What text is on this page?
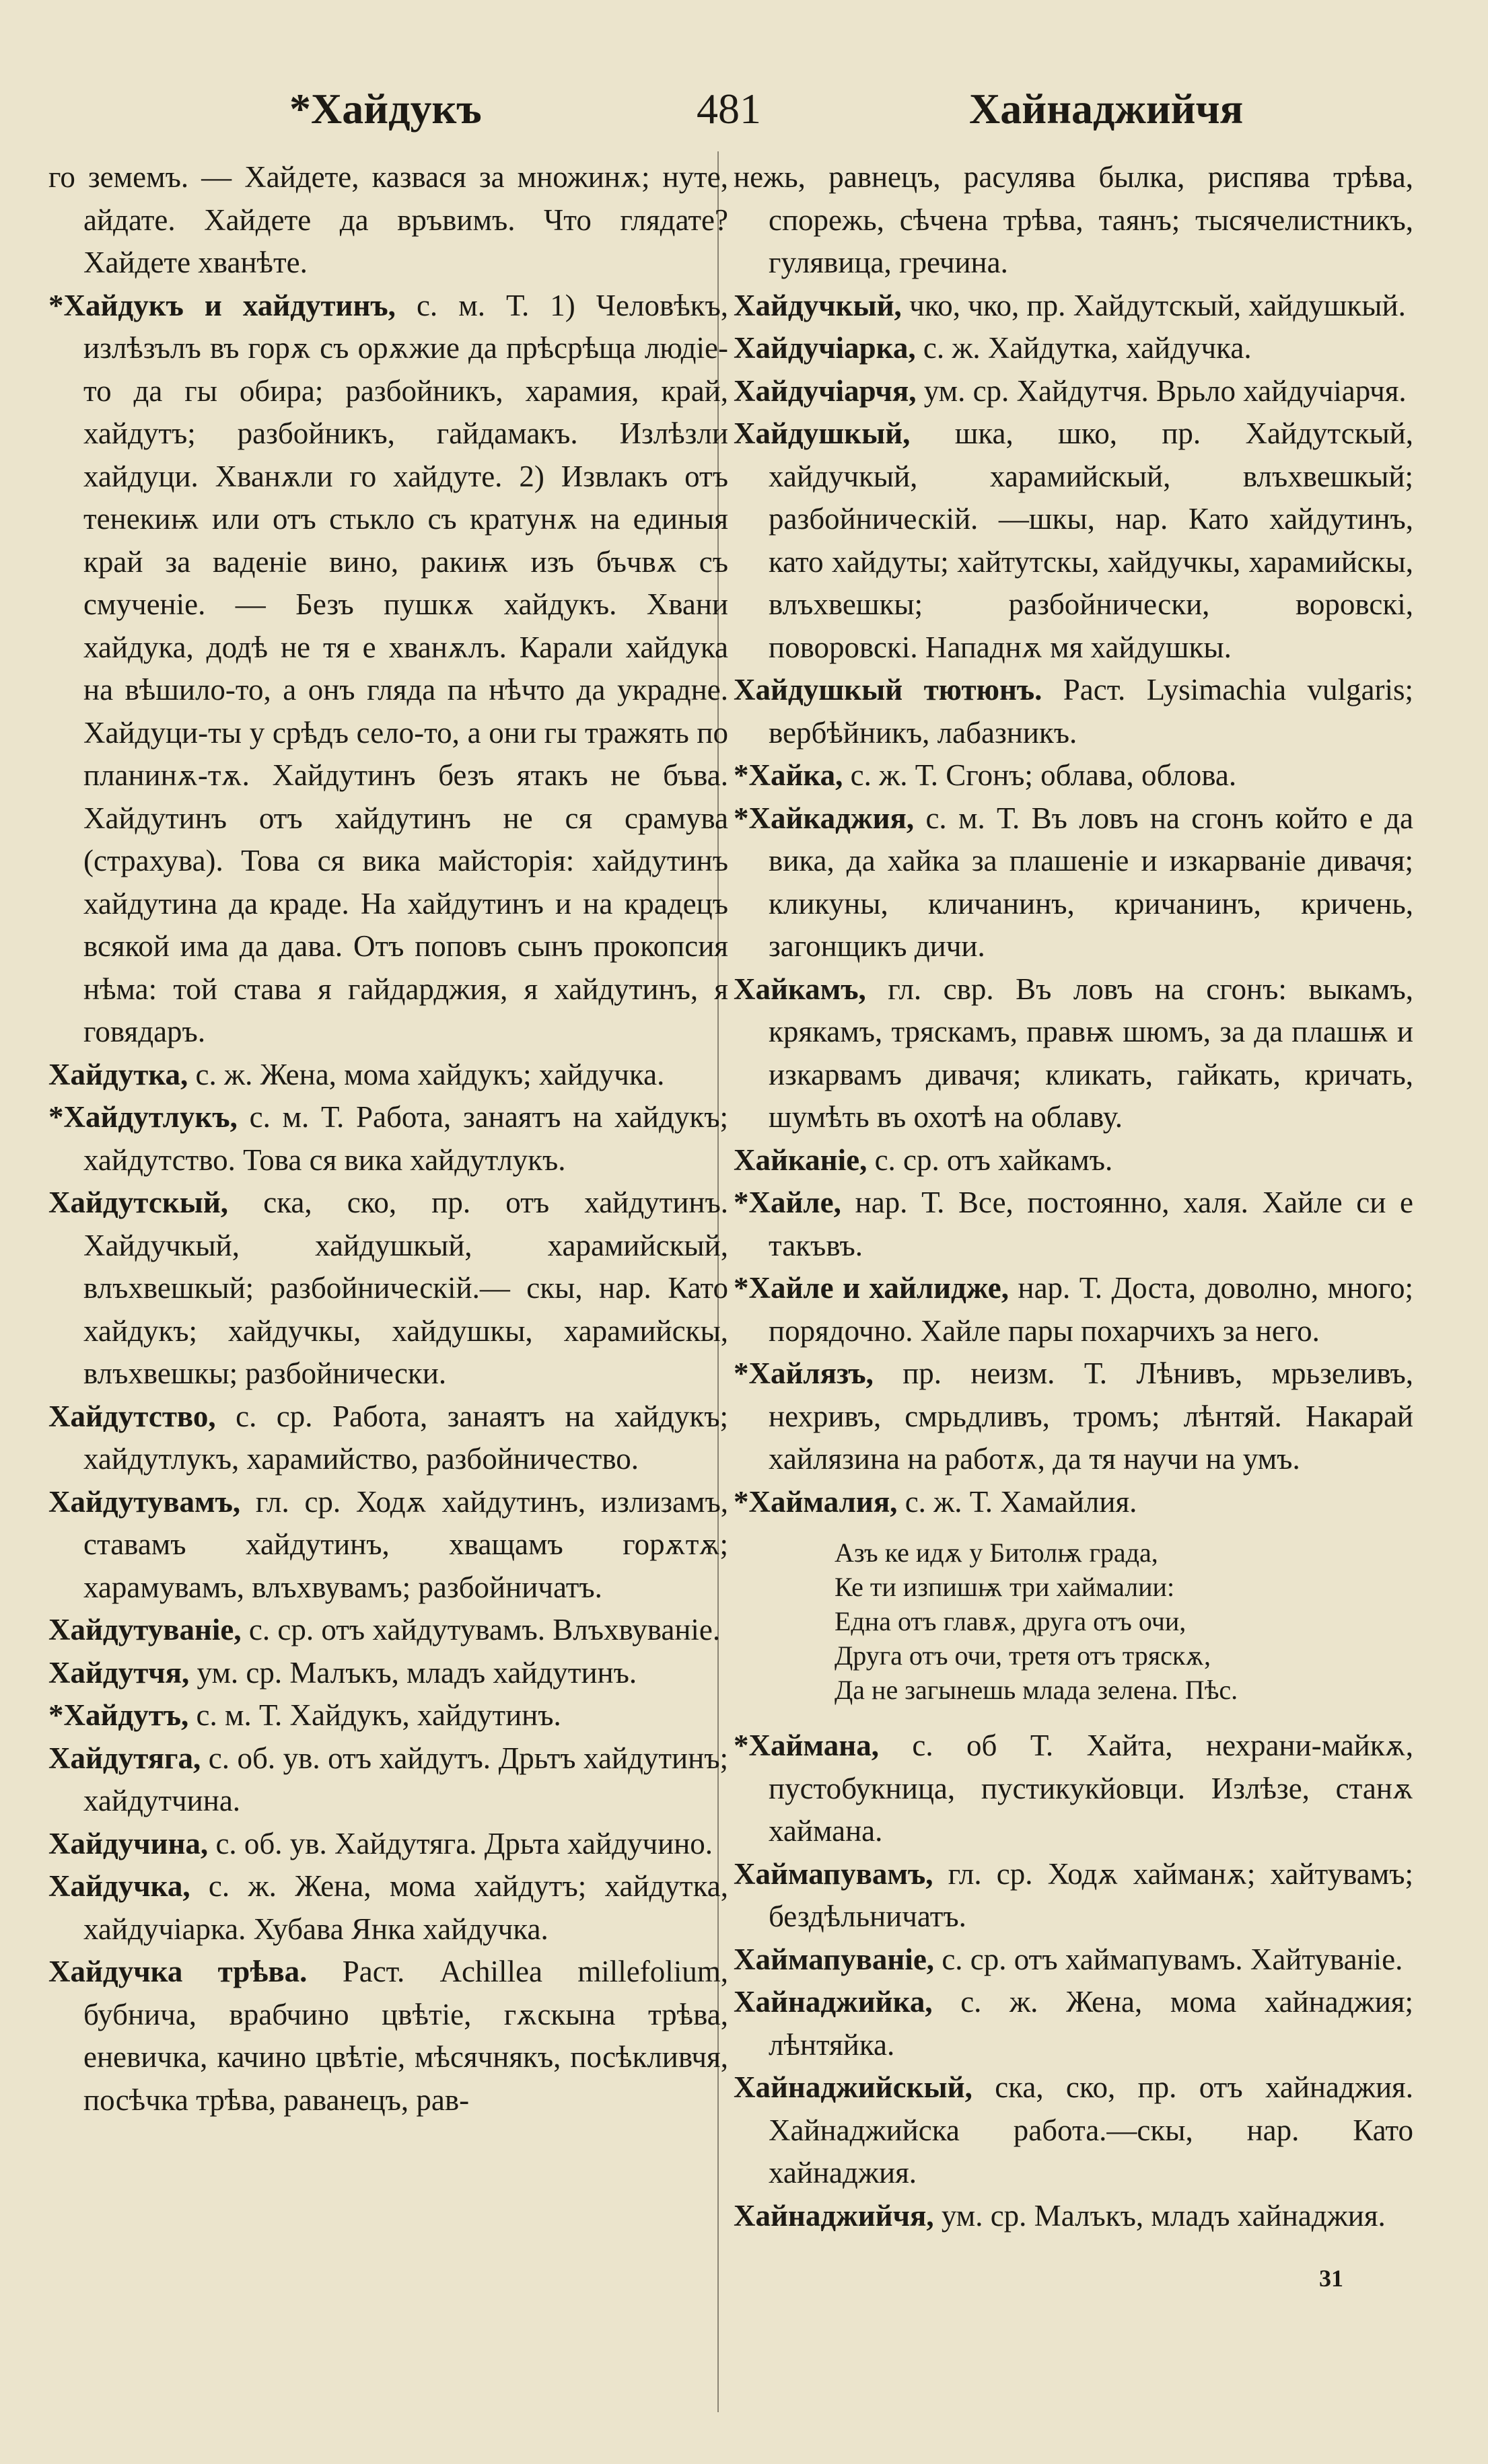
*Хайдукъ	481	Хайнаджийчя

го земемъ. — Хайдете, казвася за множинѫ; нуте, айдате. Хайдете да връвимъ. Что глядате? Хайдете хванѣте.

*Хайдукъ и хайдутинъ, с. м. Т. 1) Человѣкъ, излѣзълъ въ горѫ съ орѫжие да прѣсрѣща людie-то да гы обира; разбойникъ, харамия, край, хайдутъ; разбойникъ, гайдамакъ. Излѣзли хайдуци. Хванѫли го хайдуте. 2) Извлакъ отъ тенекиѭ или отъ стькло съ кратунѫ на единыя край за ваденiе вино, ракиѭ изъ бъчвѫ съ смученiе. — Безъ пушкѫ хайдукъ. Хвани хайдука, додѣ не тя е хванѫлъ. Карали хайдука на вѣшило-то, а онъ гляда па нѣчто да украдне. Хайдуци-ты у срѣдъ село-то, а они гы тражять по планинѫ-тѫ. Хайдутинъ безъ ятакъ не бъва. Хайдутинъ отъ хайдутинъ не ся срамува (страхува). Това ся вика майсторiя: хайдутинъ хайдутина да краде. На хайдутинъ и на крадецъ всякой има да дава. Отъ поповъ сынъ прокопсия нѣма: той става я гайдарджия, я хайдутинъ, я говядаръ.

Хайдутка, с. ж. Жена, мома хайдукъ; хайдучка.

*Хайдутлукъ, с. м. Т. Работа, занаятъ на хайдукъ; хайдутство. Това ся вика хайдутлукъ.

Хайдутскый, ска, ско, пр. отъ хайдутинъ. Хайдучкый, хайдушкый, харамийскый, влъхвешкый; разбойническiй.— скы, нар. Като хайдукъ; хайдучкы, хайдушкы, харамийскы, влъхвешкы; разбойнически.

Хайдутство, с. ср. Работа, занаятъ на хайдукъ; хайдутлукъ, харамийство, разбойничество.

Хайдутувамъ, гл. ср. Ходѫ хайдутинъ, излизамъ, ставамъ хайдутинъ, хващамъ горѫтѫ; харамувамъ, влъхвувамъ; разбойничатъ.

Хайдутуванiе, с. ср. отъ хайдутувамъ. Влъхвуванiе.

Хайдутчя, ум. ср. Малъкъ, младъ хайдутинъ.

*Хайдутъ, с. м. Т. Хайдукъ, хайдутинъ.

Хайдутяга, с. об. ув. отъ хайдутъ. Дрьтъ хайдутинъ; хайдутчина.

Хайдучина, с. об. ув. Хайдутяга. Дрьта хайдучино.

Хайдучка, с. ж. Жена, мома хайдутъ; хайдутка, хайдучiарка. Хубава Янка хайдучка.

Хайдучка трѣва. Раст. Achillea millefolium, бубнича, врабчино цвѣтie, гѫскына трѣва, еневичка, качино цвѣтie, мѣсячнякъ, посѣкливчя, посѣчка трѣва, раванецъ, рав-

нежь, равнецъ, расулява былка, риспява трѣва, спорежь, сѣчена трѣва, таянъ; тысячелистникъ, гулявица, гречина.

Хайдучкый, чко, чко, пр. Хайдутскый, хайдушкый.

Хайдучiарка, с. ж. Хайдутка, хайдучка.

Хайдучiарчя, ум. ср. Хайдутчя. Врьло хайдучiарчя.

Хайдушкый, шка, шко, пр. Хайдутскый, хайдучкый, харамийскый, влъхвешкый; разбойническiй. —шкы, нар. Като хайдутинъ, като хайдуты; хайтутскы, хайдучкы, харамийскы, влъхвешкы; разбойнически, воровскi, поворовскi. Нападнѫ мя хайдушкы.

Хайдушкый тютюнъ. Раст. Lysimachia vulgaris; вербѣйникъ, лабазникъ.

*Хайка, с. ж. Т. Сгонъ; облава, облова.

*Хайкаджия, с. м. Т. Въ ловъ на сгонъ който е да вика, да хайка за плашенiе и изкарванiе дивачя; кликуны, кличанинъ, кричанинъ, кричень, загонщикъ дичи.

Хайкамъ, гл. свр. Въ ловъ на сгонъ: выкамъ, крякамъ, тряскамъ, правѭ шюмъ, за да плашѭ и изкарвамъ дивачя; кликать, гайкать, кричать, шумѣть въ охотѣ на облаву.

Хайканiе, с. ср. отъ хайкамъ.

*Хайле, нар. Т. Все, постоянно, халя. Хайле си е такъвъ.

*Хайле и хайлидже, нар. Т. Доста, доволно, много; порядочно. Хайле пары похарчихъ за него.

*Хайлязъ, пр. неизм. Т. Лѣнивъ, мрьзеливъ, нехривъ, смрьдливъ, тромъ; лѣнтяй. Накарай хайлязина на работѫ, да тя научи на умъ.

*Хаймалия, с. ж. Т. Хамайлия.

Азъ ке идѫ у Битолѭ града,
Ке ти изпишѭ три хаймалии:
Една отъ главѫ, друга отъ очи,
Друга отъ очи, третя отъ тряскѫ,
Да не загынешь млада зелена. Пѣс.

*Хаймана, с. об Т. Хайта, нехрани-майкѫ, пустобукница, пустикукйовци. Излѣзе, станѫ хаймана.

Хаймапувамъ, гл. ср. Ходѫ хайманѫ; хайтувамъ; бездѣльничатъ.

Хаймапуванiе, с. ср. отъ хаймапувамъ. Хайтуванiе.

Хайнаджийка, с. ж. Жена, мома хайнаджия; лѣнтяйка.

Хайнаджийскый, ска, ско, пр. отъ хайнаджия. Хайнаджийска работа.—скы, нар. Като хайнаджия.

Хайнаджийчя, ум. ср. Малъкъ, младъ хайнаджия.

31
